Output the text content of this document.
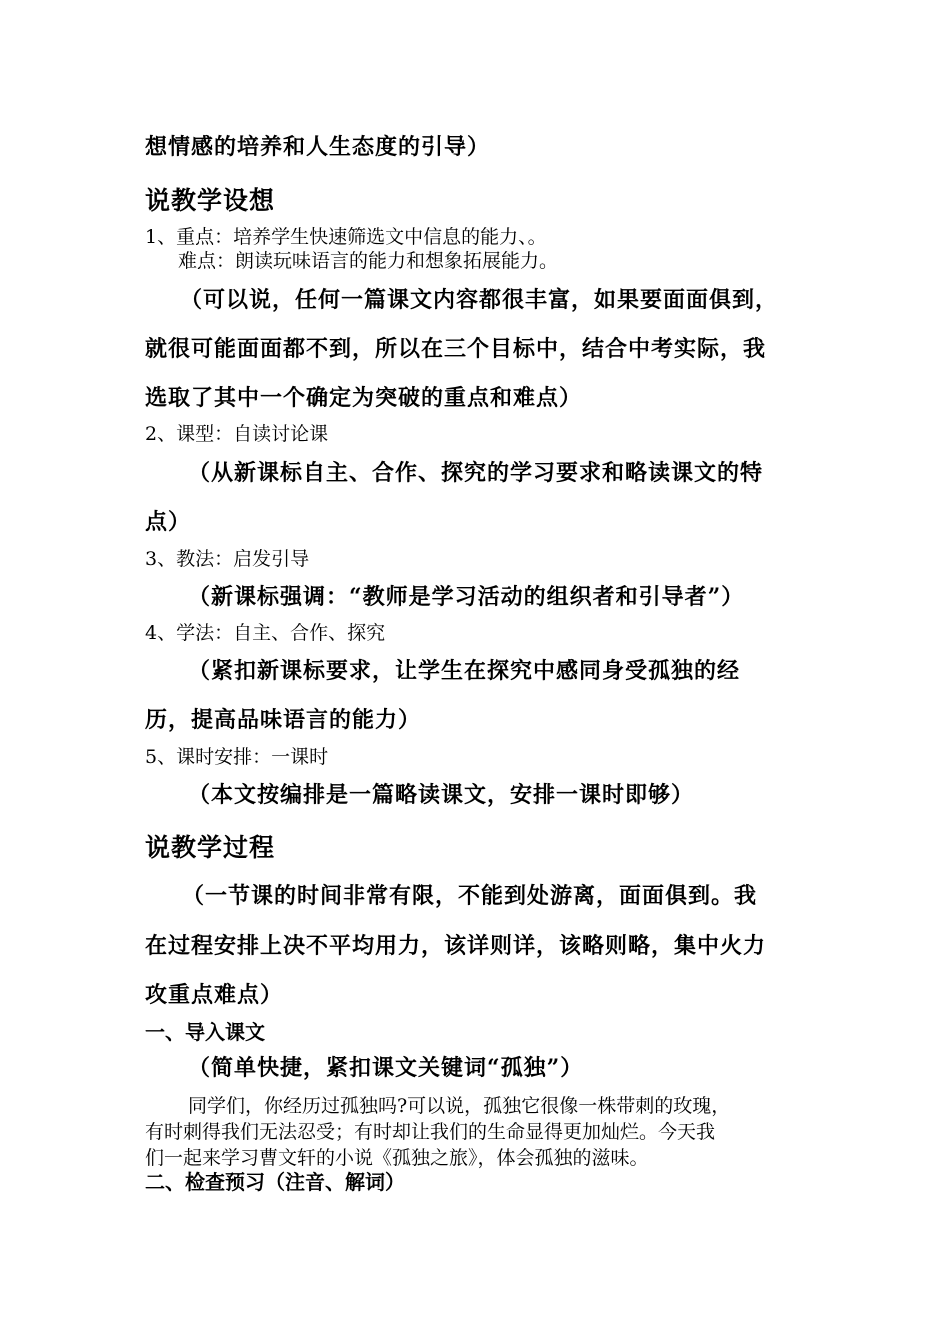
想情感的培养和人生态度的引导）
说教学设想
1、重点：培养学生快速筛选文中信息的能力、。
难点：朗读玩味语言的能力和想象拓展能力。
（可以说，任何一篇课文内容都很丰富，如果要面面俱到，
就很可能面面都不到，所以在三个目标中，结合中考实际，我
选取了其中一个确定为突破的重点和难点）
2、课型：自读讨论课
（从新课标自主、合作、探究的学习要求和略读课文的特
点）
3、教法：启发引导
（新课标强调：“教师是学习活动的组织者和引导者”）
4、学法：自主、合作、探究
（紧扣新课标要求，让学生在探究中感同身受孤独的经
历，提高品味语言的能力）
5、课时安排：一课时
（本文按编排是一篇略读课文，安排一课时即够）
说教学过程
（一节课的时间非常有限，不能到处游离，面面俱到。我
在过程安排上决不平均用力，该详则详，该略则略，集中火力
攻重点难点）
一、导入课文
（简单快捷，紧扣课文关键词“孤独”）
同学们，你经历过孤独吗?可以说，孤独它很像一株带刺的玫瑰，
有时刺得我们无法忍受；有时却让我们的生命显得更加灿烂。今天我
们一起来学习曹文轩的小说《孤独之旅》，体会孤独的滋味。
二、检查预习（注音、解词）
